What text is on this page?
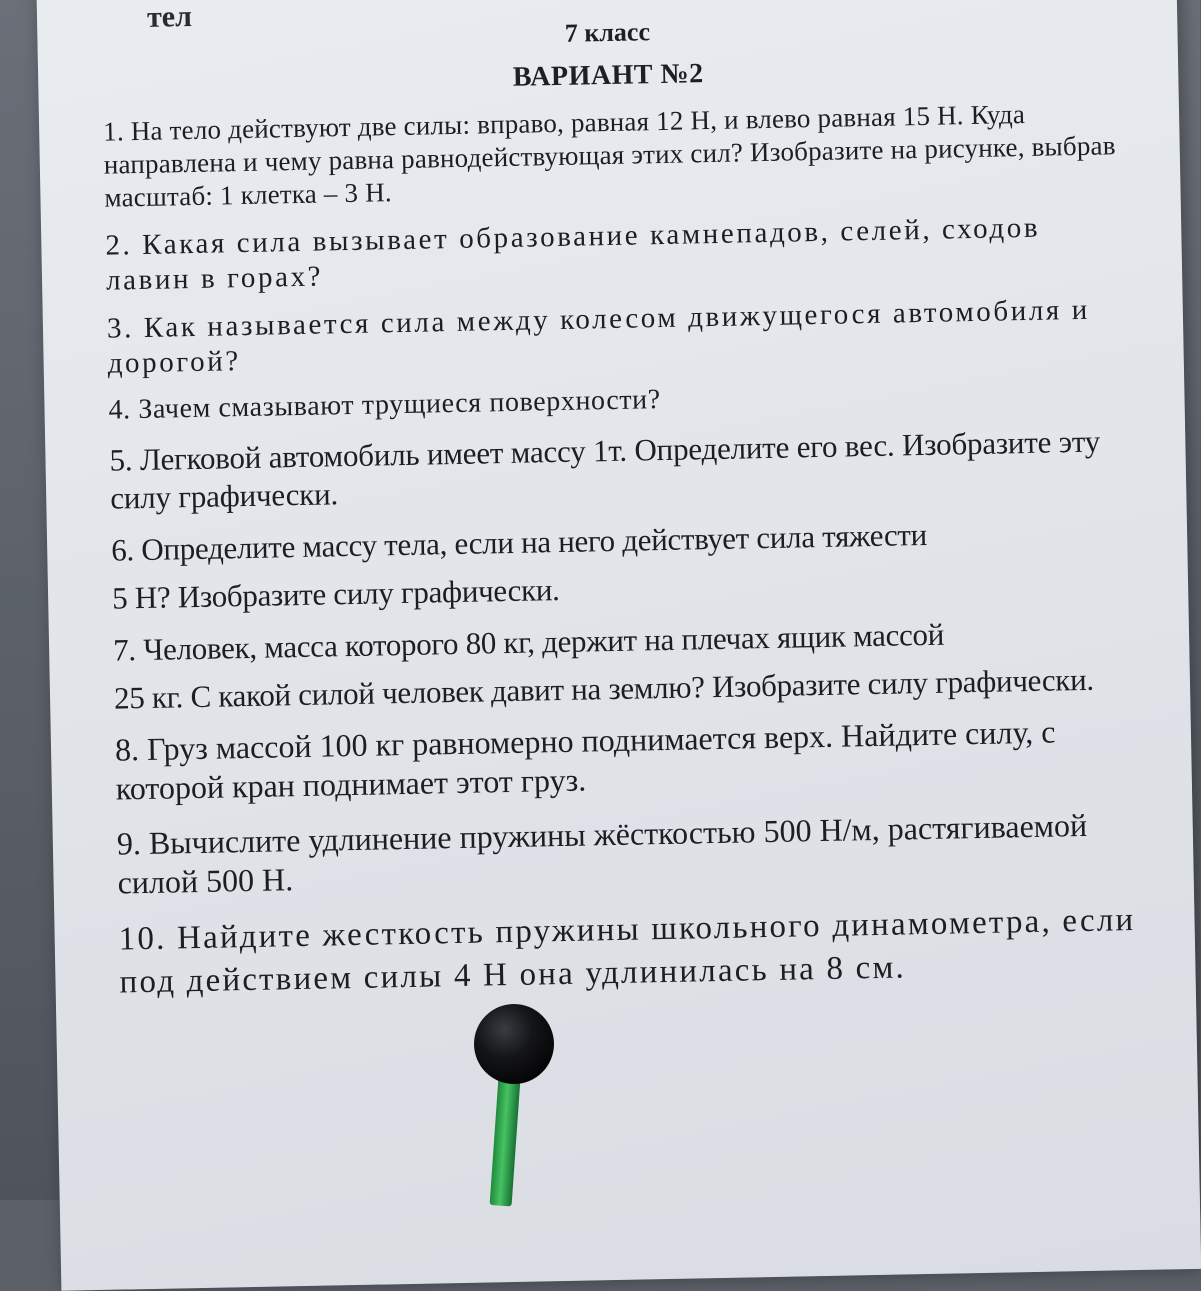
тел	7 класс
ВАРИАНТ №2

1. На тело действуют две силы: вправо, равная 12 Н, и влево равная 15 Н. Куда направлена и чему равна равнодействующая этих сил? Изобразите на рисунке, выбрав масштаб: 1 клетка – 3 Н.

2. Какая сила вызывает образование камнепадов, селей, сходов лавин в горах?

3. Как называется сила между колесом движущегося автомобиля и дорогой?

4. Зачем смазывают трущиеся поверхности?

5. Легковой автомобиль имеет массу 1т. Определите его вес. Изобразите эту силу графически.

6. Определите массу тела, если на него действует сила тяжести

5 Н? Изобразите силу графически.

7. Человек, масса которого 80 кг, держит на плечах ящик массой

25 кг. С какой силой человек давит на землю? Изобразите силу графически.

8. Груз массой 100 кг равномерно поднимается верх. Найдите силу, с которой кран поднимает этот груз.

9. Вычислите удлинение пружины жёсткостью 500 Н/м, растягиваемой силой 500 Н.

10. Найдите жесткость пружины школьного динамометра, если под действием силы 4 Н она удлинилась на 8 см.
